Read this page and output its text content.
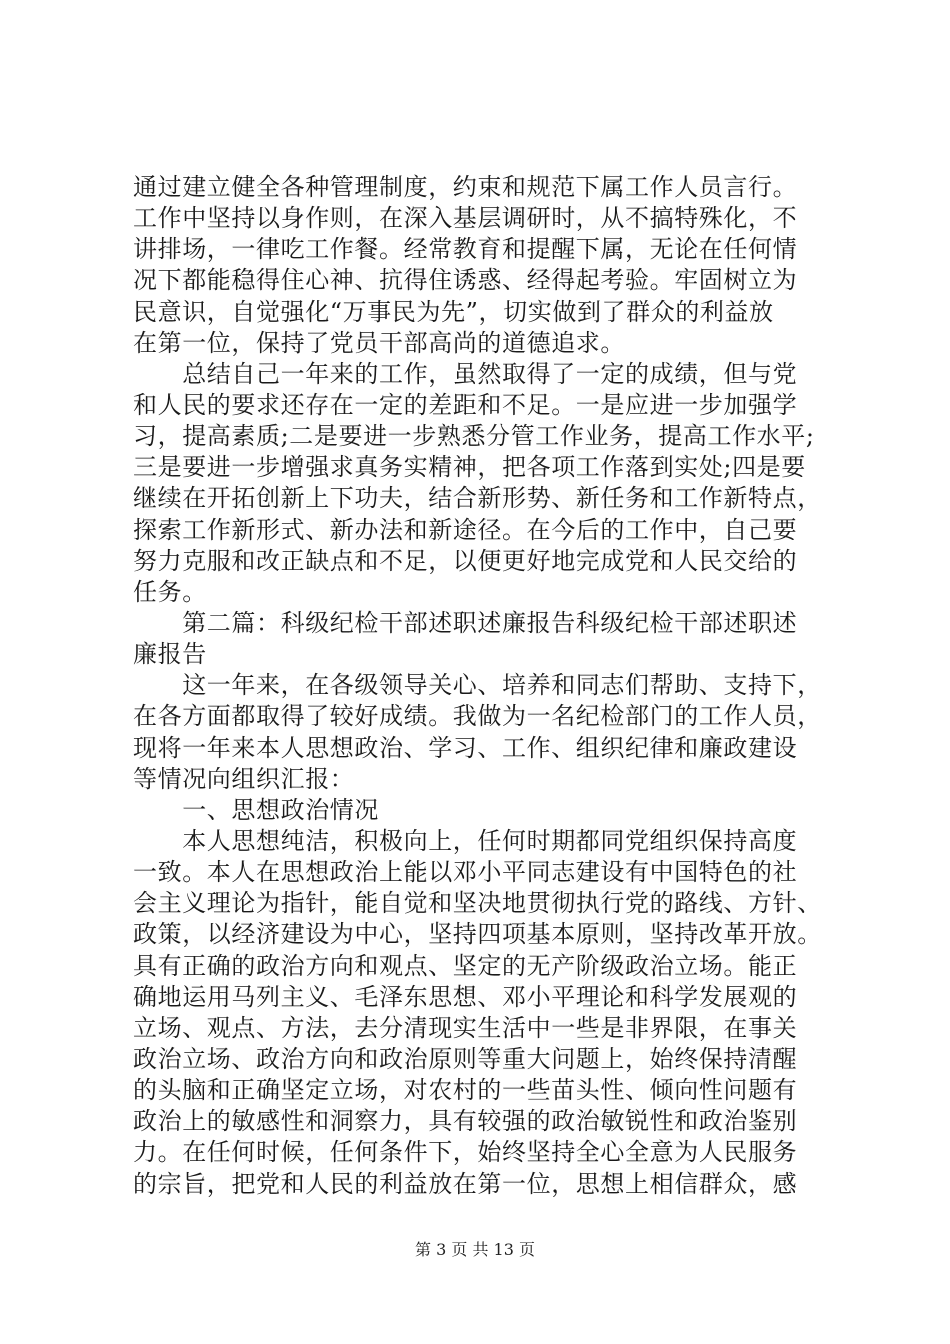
通过建立健全各种管理制度，约束和规范下属工作人员言行。
工作中坚持以身作则，在深入基层调研时，从不搞特殊化，不
讲排场，一律吃工作餐。经常教育和提醒下属，无论在任何情
况下都能稳得住心神、抗得住诱惑、经得起考验。牢固树立为
民意识，自觉强化“万事民为先”，切实做到了群众的利益放
在第一位，保持了党员干部高尚的道德追求。
　　总结自己一年来的工作，虽然取得了一定的成绩，但与党
和人民的要求还存在一定的差距和不足。一是应进一步加强学
习，提高素质;二是要进一步熟悉分管工作业务，提高工作水平;
三是要进一步增强求真务实精神，把各项工作落到实处;四是要
继续在开拓创新上下功夫，结合新形势、新任务和工作新特点，
探索工作新形式、新办法和新途径。在今后的工作中，自己要
努力克服和改正缺点和不足，以便更好地完成党和人民交给的
任务。
　　第二篇：科级纪检干部述职述廉报告科级纪检干部述职述
廉报告
　　这一年来，在各级领导关心、培养和同志们帮助、支持下，
在各方面都取得了较好成绩。我做为一名纪检部门的工作人员，
现将一年来本人思想政治、学习、工作、组织纪律和廉政建设
等情况向组织汇报：
　　一、思想政治情况
　　本人思想纯洁，积极向上，任何时期都同党组织保持高度
一致。本人在思想政治上能以邓小平同志建设有中国特色的社
会主义理论为指针，能自觉和坚决地贯彻执行党的路线、方针、
政策，以经济建设为中心，坚持四项基本原则，坚持改革开放。
具有正确的政治方向和观点、坚定的无产阶级政治立场。能正
确地运用马列主义、毛泽东思想、邓小平理论和科学发展观的
立场、观点、方法，去分清现实生活中一些是非界限，在事关
政治立场、政治方向和政治原则等重大问题上，始终保持清醒
的头脑和正确坚定立场，对农村的一些苗头性、倾向性问题有
政治上的敏感性和洞察力，具有较强的政治敏锐性和政治鉴别
力。在任何时候，任何条件下，始终坚持全心全意为人民服务
的宗旨，把党和人民的利益放在第一位，思想上相信群众，感
第 3 页 共 13 页
